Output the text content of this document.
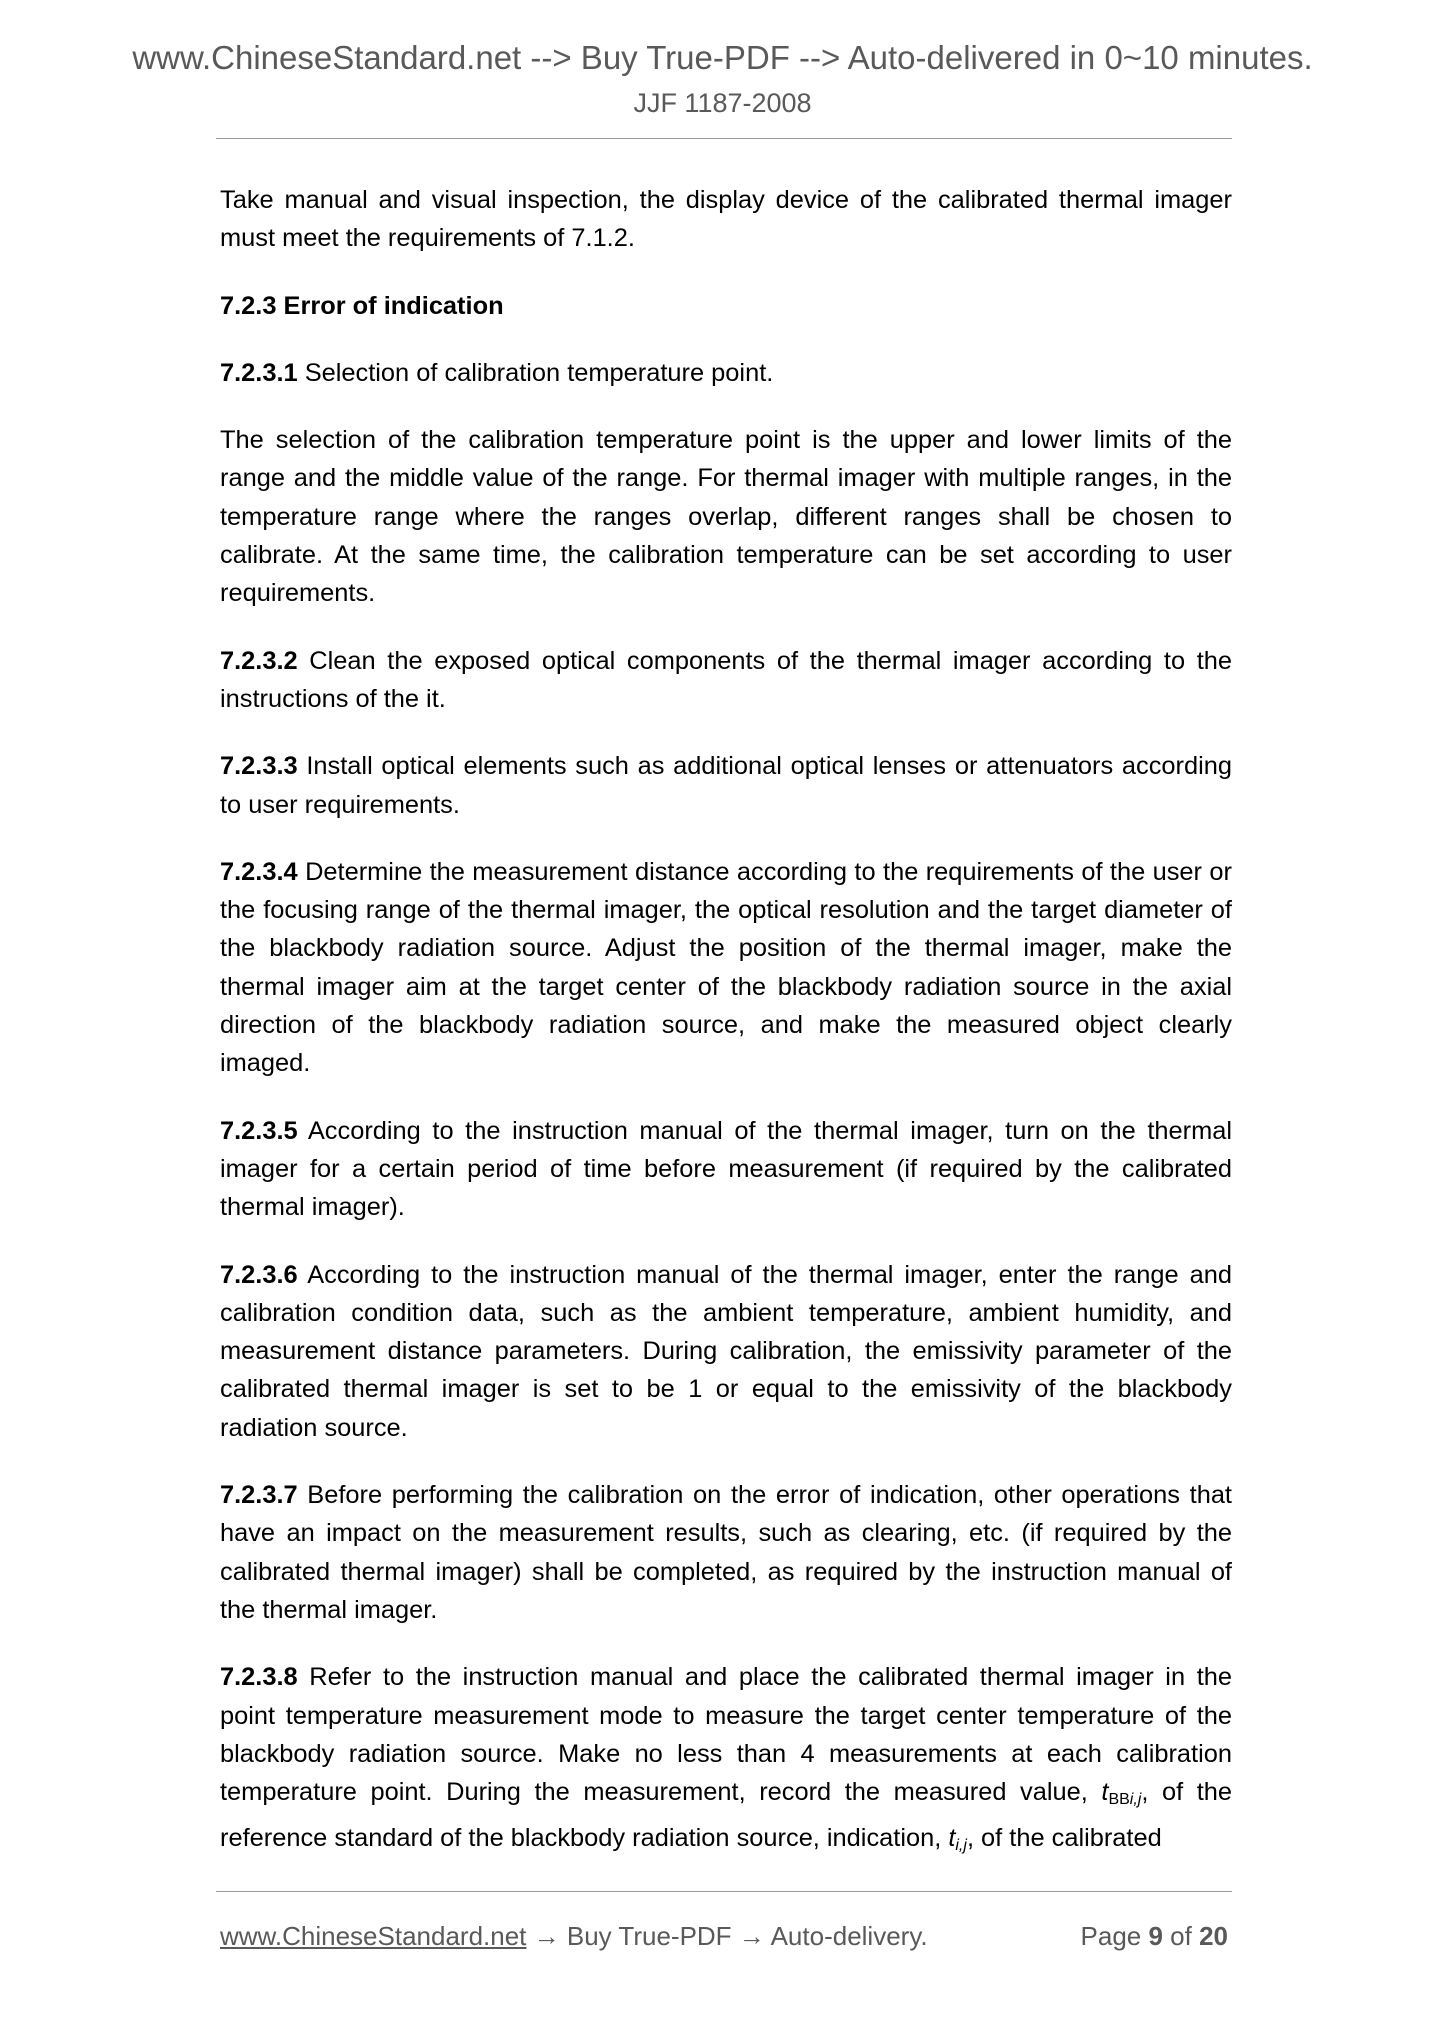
www.ChineseStandard.net --> Buy True-PDF --> Auto-delivered in 0~10 minutes.
JJF 1187-2008

Take manual and visual inspection, the display device of the calibrated thermal imager must meet the requirements of 7.1.2.

7.2.3 Error of indication

7.2.3.1 Selection of calibration temperature point.

The selection of the calibration temperature point is the upper and lower limits of the range and the middle value of the range. For thermal imager with multiple ranges, in the temperature range where the ranges overlap, different ranges shall be chosen to calibrate. At the same time, the calibration temperature can be set according to user requirements.

7.2.3.2 Clean the exposed optical components of the thermal imager according to the instructions of the it.

7.2.3.3 Install optical elements such as additional optical lenses or attenuators according to user requirements.

7.2.3.4 Determine the measurement distance according to the requirements of the user or the focusing range of the thermal imager, the optical resolution and the target diameter of the blackbody radiation source. Adjust the position of the thermal imager, make the thermal imager aim at the target center of the blackbody radiation source in the axial direction of the blackbody radiation source, and make the measured object clearly imaged.

7.2.3.5 According to the instruction manual of the thermal imager, turn on the thermal imager for a certain period of time before measurement (if required by the calibrated thermal imager).

7.2.3.6 According to the instruction manual of the thermal imager, enter the range and calibration condition data, such as the ambient temperature, ambient humidity, and measurement distance parameters. During calibration, the emissivity parameter of the calibrated thermal imager is set to be 1 or equal to the emissivity of the blackbody radiation source.

7.2.3.7 Before performing the calibration on the error of indication, other operations that have an impact on the measurement results, such as clearing, etc. (if required by the calibrated thermal imager) shall be completed, as required by the instruction manual of the thermal imager.

7.2.3.8 Refer to the instruction manual and place the calibrated thermal imager in the point temperature measurement mode to measure the target center temperature of the blackbody radiation source. Make no less than 4 measurements at each calibration temperature point. During the measurement, record the measured value, $t_{BBi,j}$, of the reference standard of the blackbody radiation source, indication, $t_{i,j}$, of the calibrated

www.ChineseStandard.net → Buy True-PDF → Auto-delivery.	Page 9 of 20
